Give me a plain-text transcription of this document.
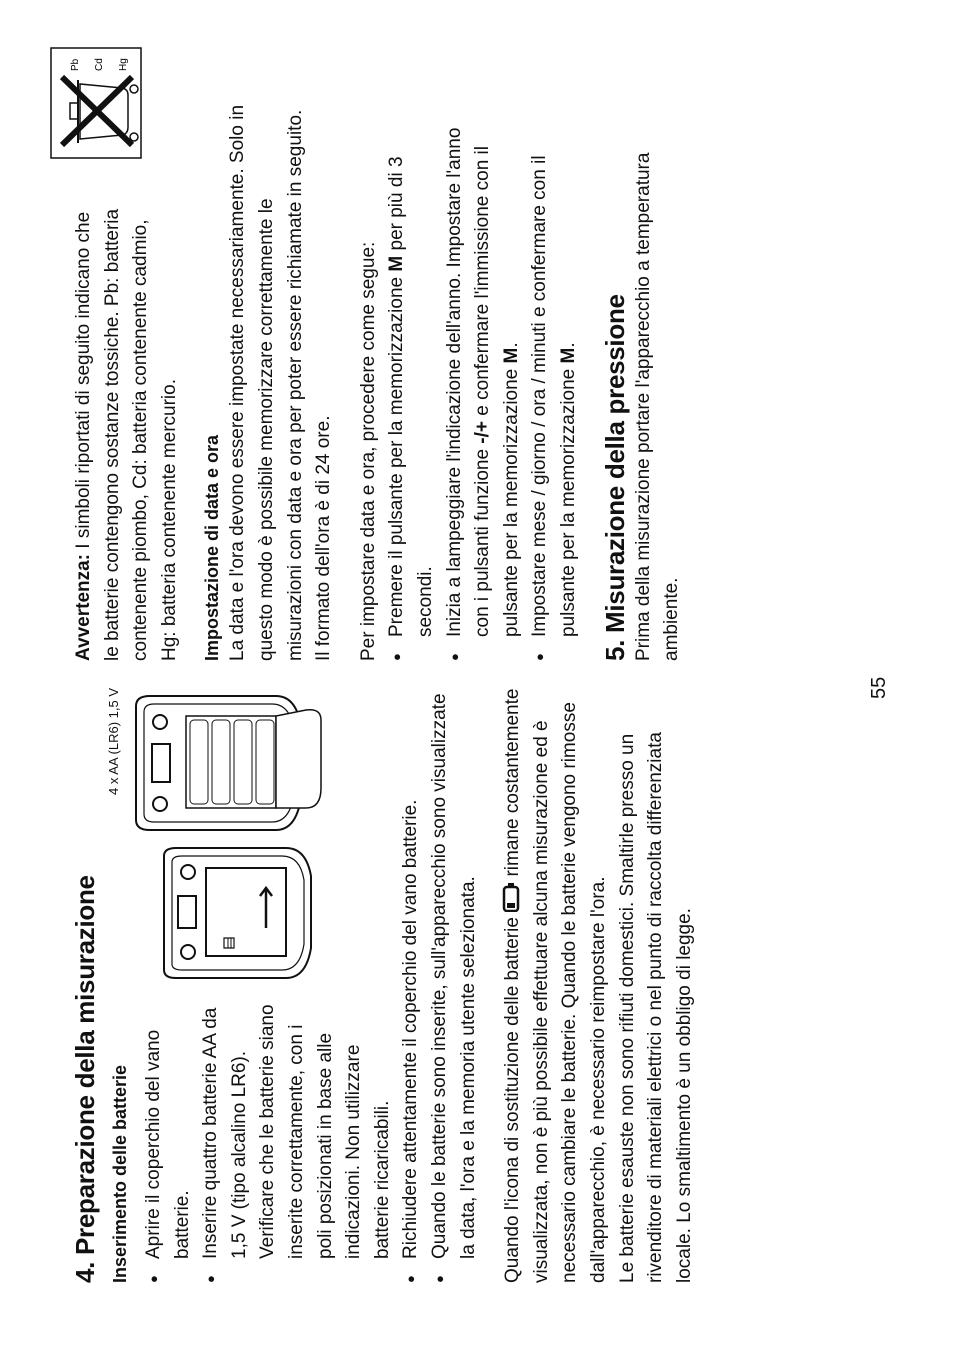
4. Preparazione della misurazione Inserimento delle batterie ● Aprire il coperchio del vano batterie. ● Inserire quattro batterie AA da 1,5 V (tipo alcalino LR6). Verificare che le batterie siano inserite correttamente, con i poli posizionati in base alle indicazioni. Non utilizzare batterie ricaricabili.
4 x AA (LR6) 1,5 V
● Richiudere attentamente il coperchio del vano batterie. ● Quando le batterie sono inserite, sull'apparecchio sono visualizzate la data, l'ora e la memoria utente selezionata. Quando l'icona di sostituzione delle batterie  rimane costantemente visualizzata, non è più possibile effettuare alcuna misurazione ed è necessario cambiare le batterie. Quando le batterie vengono rimosse dall'apparecchio, è necessario reimpostare l'ora. Le batterie esauste non sono rifiuti domestici. Smaltirle presso un rivenditore di materiali elettrici o nel punto di raccolta differenziata locale. Lo smaltimento è un obbligo di legge.

Avvertenza: I simboli riportati di seguito indicano che le batterie contengono sostanze tossiche. Pb: batteria contenente piombo, Cd: batteria contenente cadmio, Hg: batteria contenente mercurio. Impostazione di data e ora La data e l'ora devono essere impostate necessariamente. Solo in questo modo è possibile memorizzare correttamente le misurazioni con data e ora per poter essere richiamate in seguito. Il formato dell'ora è di 24 ore. Per impostare data e ora, procedere come segue: ● Premere il pulsante per la memorizzazione M per più di 3 secondi. ● Inizia a lampeggiare l'indicazione dell'anno. Impostare l'anno con i pulsanti funzione -/+ e confermare l'immissione con il pulsante per la memorizzazione M. ● Impostare mese / giorno / ora / minuti e confermare con il pulsante per la memorizzazione M. 5. Misurazione della pressione Prima della misurazione portare l'apparecchio a temperatura ambiente.

Pb Cd Hg
55
